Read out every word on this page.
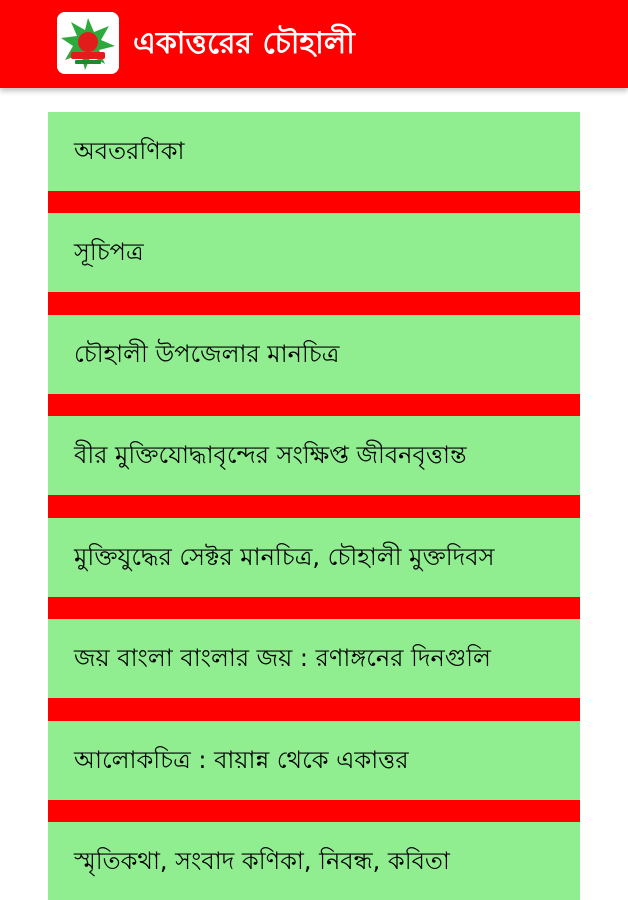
একাত্তরের চৌহালী
অবতরণিকা
সূচিপত্র
চৌহালী উপজেলার মানচিত্র
বীর মুক্তিযোদ্ধাবৃন্দের সংক্ষিপ্ত জীবনবৃত্তান্ত
মুক্তিযুদ্ধের সেক্টর মানচিত্র, চৌহালী মুক্তদিবস
জয় বাংলা বাংলার জয় : রণাঙ্গনের দিনগুলি
আলোকচিত্র : বায়ান্ন থেকে একাত্তর
স্মৃতিকথা, সংবাদ কণিকা, নিবন্ধ, কবিতা
